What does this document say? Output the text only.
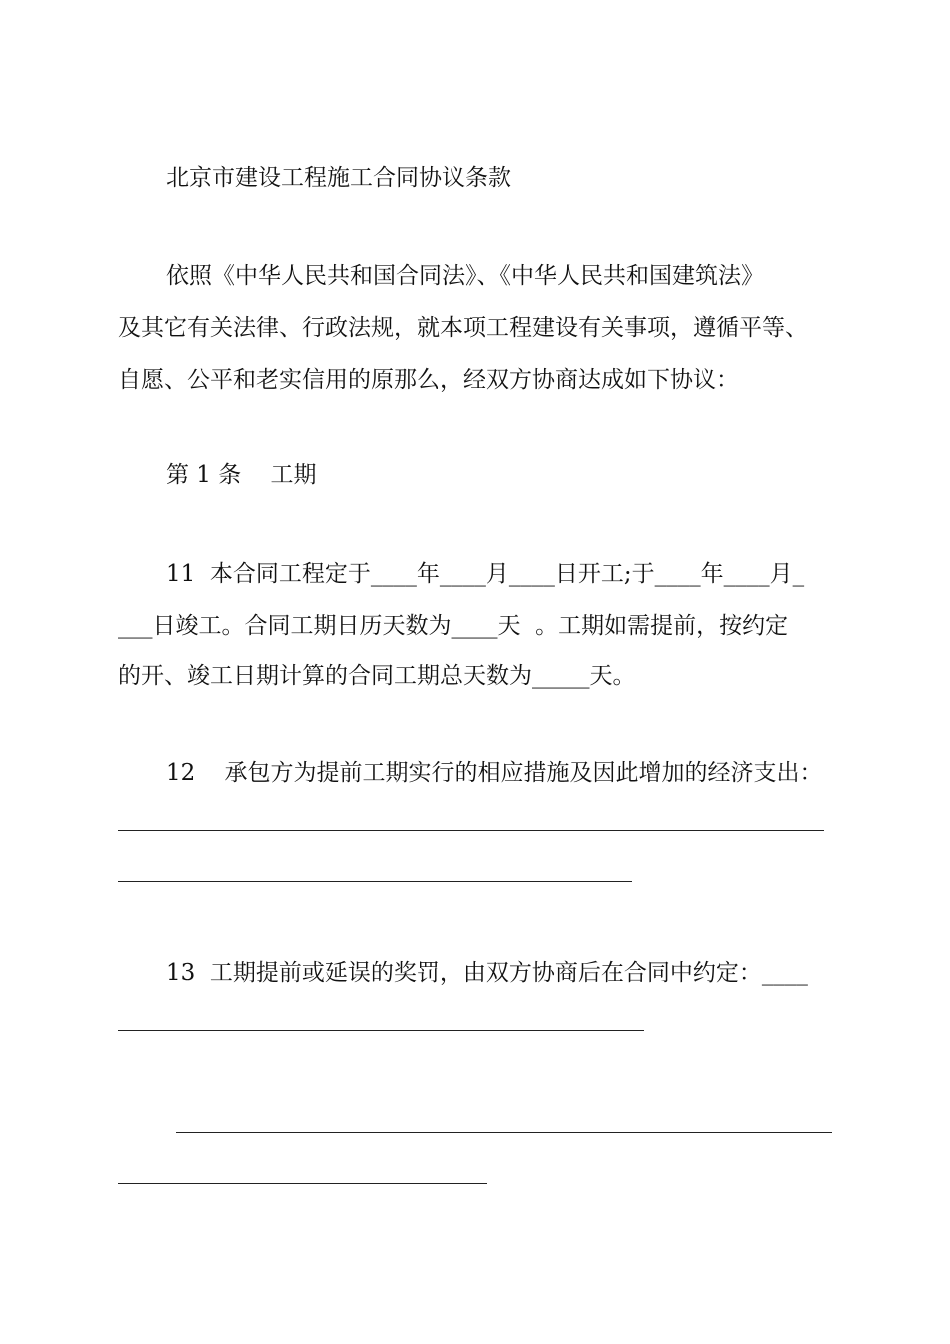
北京市建设工程施工合同协议条款

依照《中华人民共和国合同法》、《中华人民共和国建筑法》

及其它有关法律、行政法规，就本项工程建设有关事项，遵循平等、

自愿、公平和老实信用的原那么，经双方协商达成如下协议：

第 1 条    工期

11  本合同工程定于____年____月____日开工;于____年____月_

___日竣工。合同工期日历天数为____天  。工期如需提前，按约定

的开、竣工日期计算的合同工期总天数为_____天。

12    承包方为提前工期实行的相应措施及因此增加的经济支出：

13  工期提前或延误的奖罚，由双方协商后在合同中约定：____
